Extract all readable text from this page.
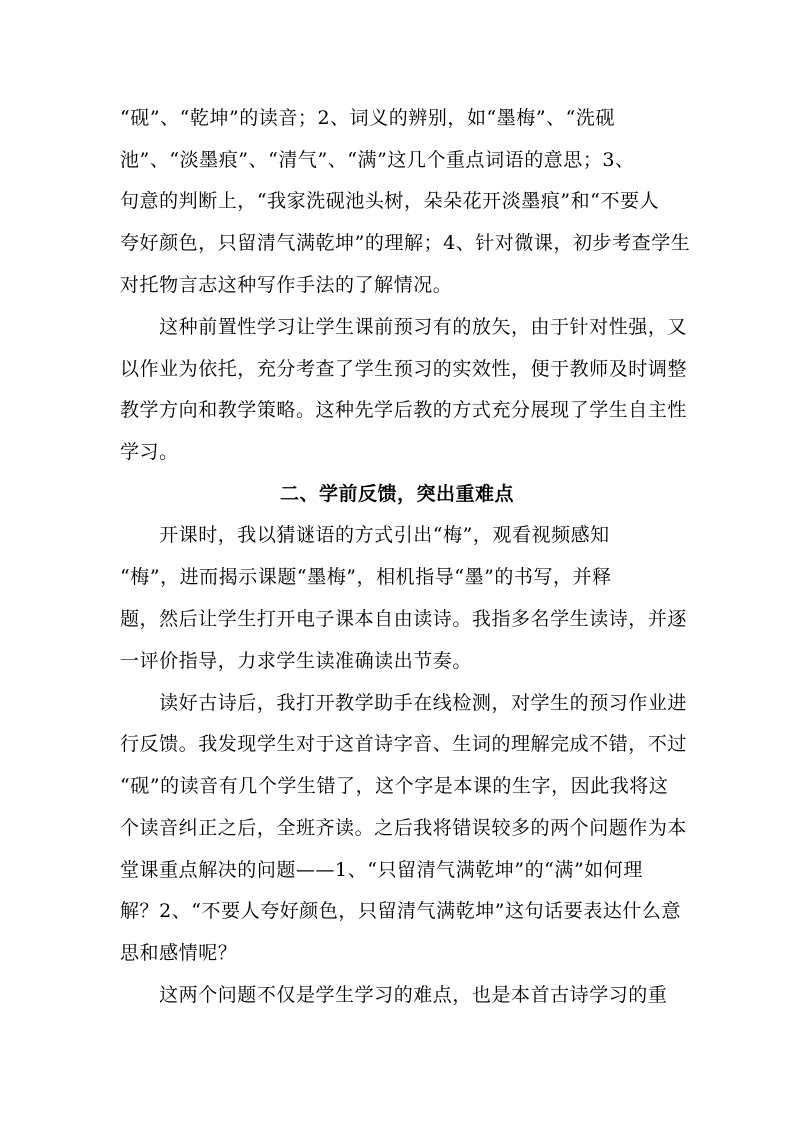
“砚”、“乾坤”的读音；2、词义的辨别，如“墨梅”、“洗砚
池”、“淡墨痕”、“清气”、“满”这几个重点词语的意思；3、
句意的判断上，“我家洗砚池头树，朵朵花开淡墨痕”和“不要人
夸好颜色，只留清气满乾坤”的理解；4、针对微课，初步考查学生
对托物言志这种写作手法的了解情况。
　　这种前置性学习让学生课前预习有的放矢，由于针对性强，又
以作业为依托，充分考查了学生预习的实效性，便于教师及时调整
教学方向和教学策略。这种先学后教的方式充分展现了学生自主性
学习。
二、学前反馈，突出重难点
　　开课时，我以猜谜语的方式引出“梅”，观看视频感知
“梅”，进而揭示课题“墨梅”，相机指导“墨”的书写，并释
题，然后让学生打开电子课本自由读诗。我指多名学生读诗，并逐
一评价指导，力求学生读准确读出节奏。
　　读好古诗后，我打开教学助手在线检测，对学生的预习作业进
行反馈。我发现学生对于这首诗字音、生词的理解完成不错，不过
“砚”的读音有几个学生错了，这个字是本课的生字，因此我将这
个读音纠正之后，全班齐读。之后我将错误较多的两个问题作为本
堂课重点解决的问题——1、“只留清气满乾坤”的“满”如何理
解？2、“不要人夸好颜色，只留清气满乾坤”这句话要表达什么意
思和感情呢？
　　这两个问题不仅是学生学习的难点，也是本首古诗学习的重
